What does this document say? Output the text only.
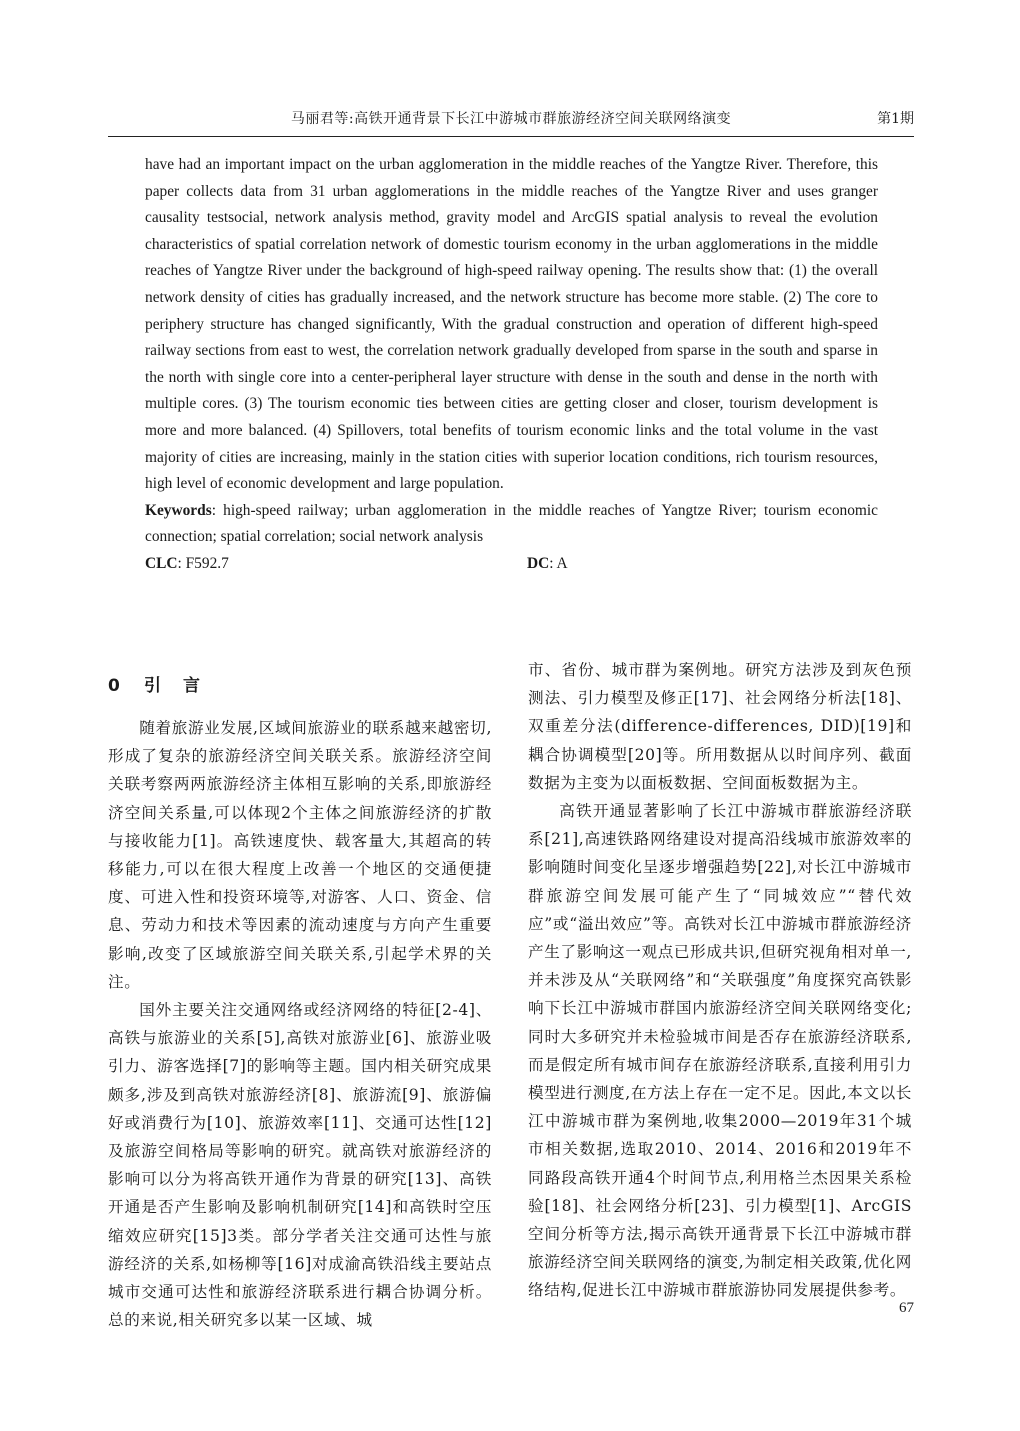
马丽君等:高铁开通背景下长江中游城市群旅游经济空间关联网络演变	第1期

have had an important impact on the urban agglomeration in the middle reaches of the Yangtze River. Therefore, this paper collects data from 31 urban agglomerations in the middle reaches of the Yangtze River and uses granger causality testsocial, network analysis method, gravity model and ArcGIS spatial analysis to reveal the evolution characteristics of spatial correlation network of domestic tourism economy in the urban agglomerations in the middle reaches of Yangtze River under the background of high-speed railway opening. The results show that: (1) the overall network density of cities has gradually increased, and the network structure has become more stable. (2) The core to periphery structure has changed significantly, With the gradual construction and operation of different high-speed railway sections from east to west, the correlation network gradually developed from sparse in the south and sparse in the north with single core into a center-peripheral layer structure with dense in the south and dense in the north with multiple cores. (3) The tourism economic ties between cities are getting closer and closer, tourism development is more and more balanced. (4) Spillovers, total benefits of tourism economic links and the total volume in the vast majority of cities are increasing, mainly in the station cities with superior location conditions, rich tourism resources, high level of economic development and large population.

Keywords: high-speed railway; urban agglomeration in the middle reaches of Yangtze River; tourism economic connection; spatial correlation; social network analysis

CLC: F592.7	DC: A
0 引言

随着旅游业发展,区域间旅游业的联系越来越密切,形成了复杂的旅游经济空间关联关系。旅游经济空间关联考察两两旅游经济主体相互影响的关系,即旅游经济空间关系量,可以体现2个主体之间旅游经济的扩散与接收能力[1]。高铁速度快、载客量大,其超高的转移能力,可以在很大程度上改善一个地区的交通便捷度、可进入性和投资环境等,对游客、人口、资金、信息、劳动力和技术等因素的流动速度与方向产生重要影响,改变了区域旅游空间关联关系,引起学术界的关注。

国外主要关注交通网络或经济网络的特征[2-4]、高铁与旅游业的关系[5],高铁对旅游业[6]、旅游业吸引力、游客选择[7]的影响等主题。国内相关研究成果颇多,涉及到高铁对旅游经济[8]、旅游流[9]、旅游偏好或消费行为[10]、旅游效率[11]、交通可达性[12]及旅游空间格局等影响的研究。就高铁对旅游经济的影响可以分为将高铁开通作为背景的研究[13]、高铁开通是否产生影响及影响机制研究[14]和高铁时空压缩效应研究[15]3类。部分学者关注交通可达性与旅游经济的关系,如杨柳等[16]对成渝高铁沿线主要站点城市交通可达性和旅游经济联系进行耦合协调分析。总的来说,相关研究多以某一区域、城

市、省份、城市群为案例地。研究方法涉及到灰色预测法、引力模型及修正[17]、社会网络分析法[18]、双重差分法(difference-differences, DID)[19]和耦合协调模型[20]等。所用数据从以时间序列、截面数据为主变为以面板数据、空间面板数据为主。

高铁开通显著影响了长江中游城市群旅游经济联系[21],高速铁路网络建设对提高沿线城市旅游效率的影响随时间变化呈逐步增强趋势[22],对长江中游城市群旅游空间发展可能产生了“同城效应”“替代效应”或“溢出效应”等。高铁对长江中游城市群旅游经济产生了影响这一观点已形成共识,但研究视角相对单一,并未涉及从“关联网络”和“关联强度”角度探究高铁影响下长江中游城市群国内旅游经济空间关联网络变化;同时大多研究并未检验城市间是否存在旅游经济联系,而是假定所有城市间存在旅游经济联系,直接利用引力模型进行测度,在方法上存在一定不足。因此,本文以长江中游城市群为案例地,收集2000—2019年31个城市相关数据,选取2010、2014、2016和2019年不同路段高铁开通4个时间节点,利用格兰杰因果关系检验[18]、社会网络分析[23]、引力模型[1]、ArcGIS空间分析等方法,揭示高铁开通背景下长江中游城市群旅游经济空间关联网络的演变,为制定相关政策,优化网络结构,促进长江中游城市群旅游协同发展提供参考。

67
